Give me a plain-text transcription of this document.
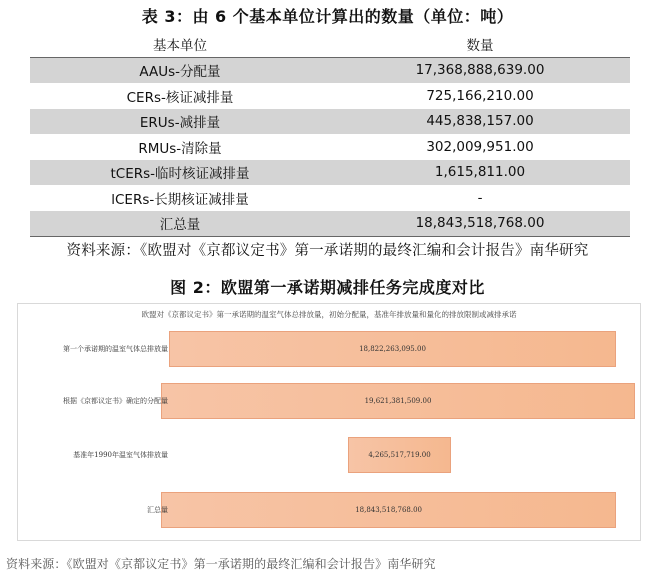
表 3：由 6 个基本单位计算出的数量（单位：吨）
基本单位	数量
AAUs-分配量	17,368,888,639.00
CERs-核证减排量	725,166,210.00
ERUs-减排量	445,838,157.00
RMUs-清除量	302,009,951.00
tCERs-临时核证减排量	1,615,811.00
lCERs-长期核证减排量	-
汇总量	18,843,518,768.00
资料来源：《欧盟对《京都议定书》第一承诺期的最终汇编和会计报告》南华研究
图 2：欧盟第一承诺期减排任务完成度对比
欧盟对《京都议定书》第一承诺期的温室气体总排放量，初始分配量，基准年排放量和量化的排放限制或减排承诺
第一个承诺期的温室气体总排放量	18,822,263,095.00
根据《京都议定书》确定的分配量	19,621,381,509.00
基准年1990年温室气体排放量	4,265,517,719.00
汇总量	18,843,518,768.00
资料来源：《欧盟对《京都议定书》第一承诺期的最终汇编和会计报告》南华研究
